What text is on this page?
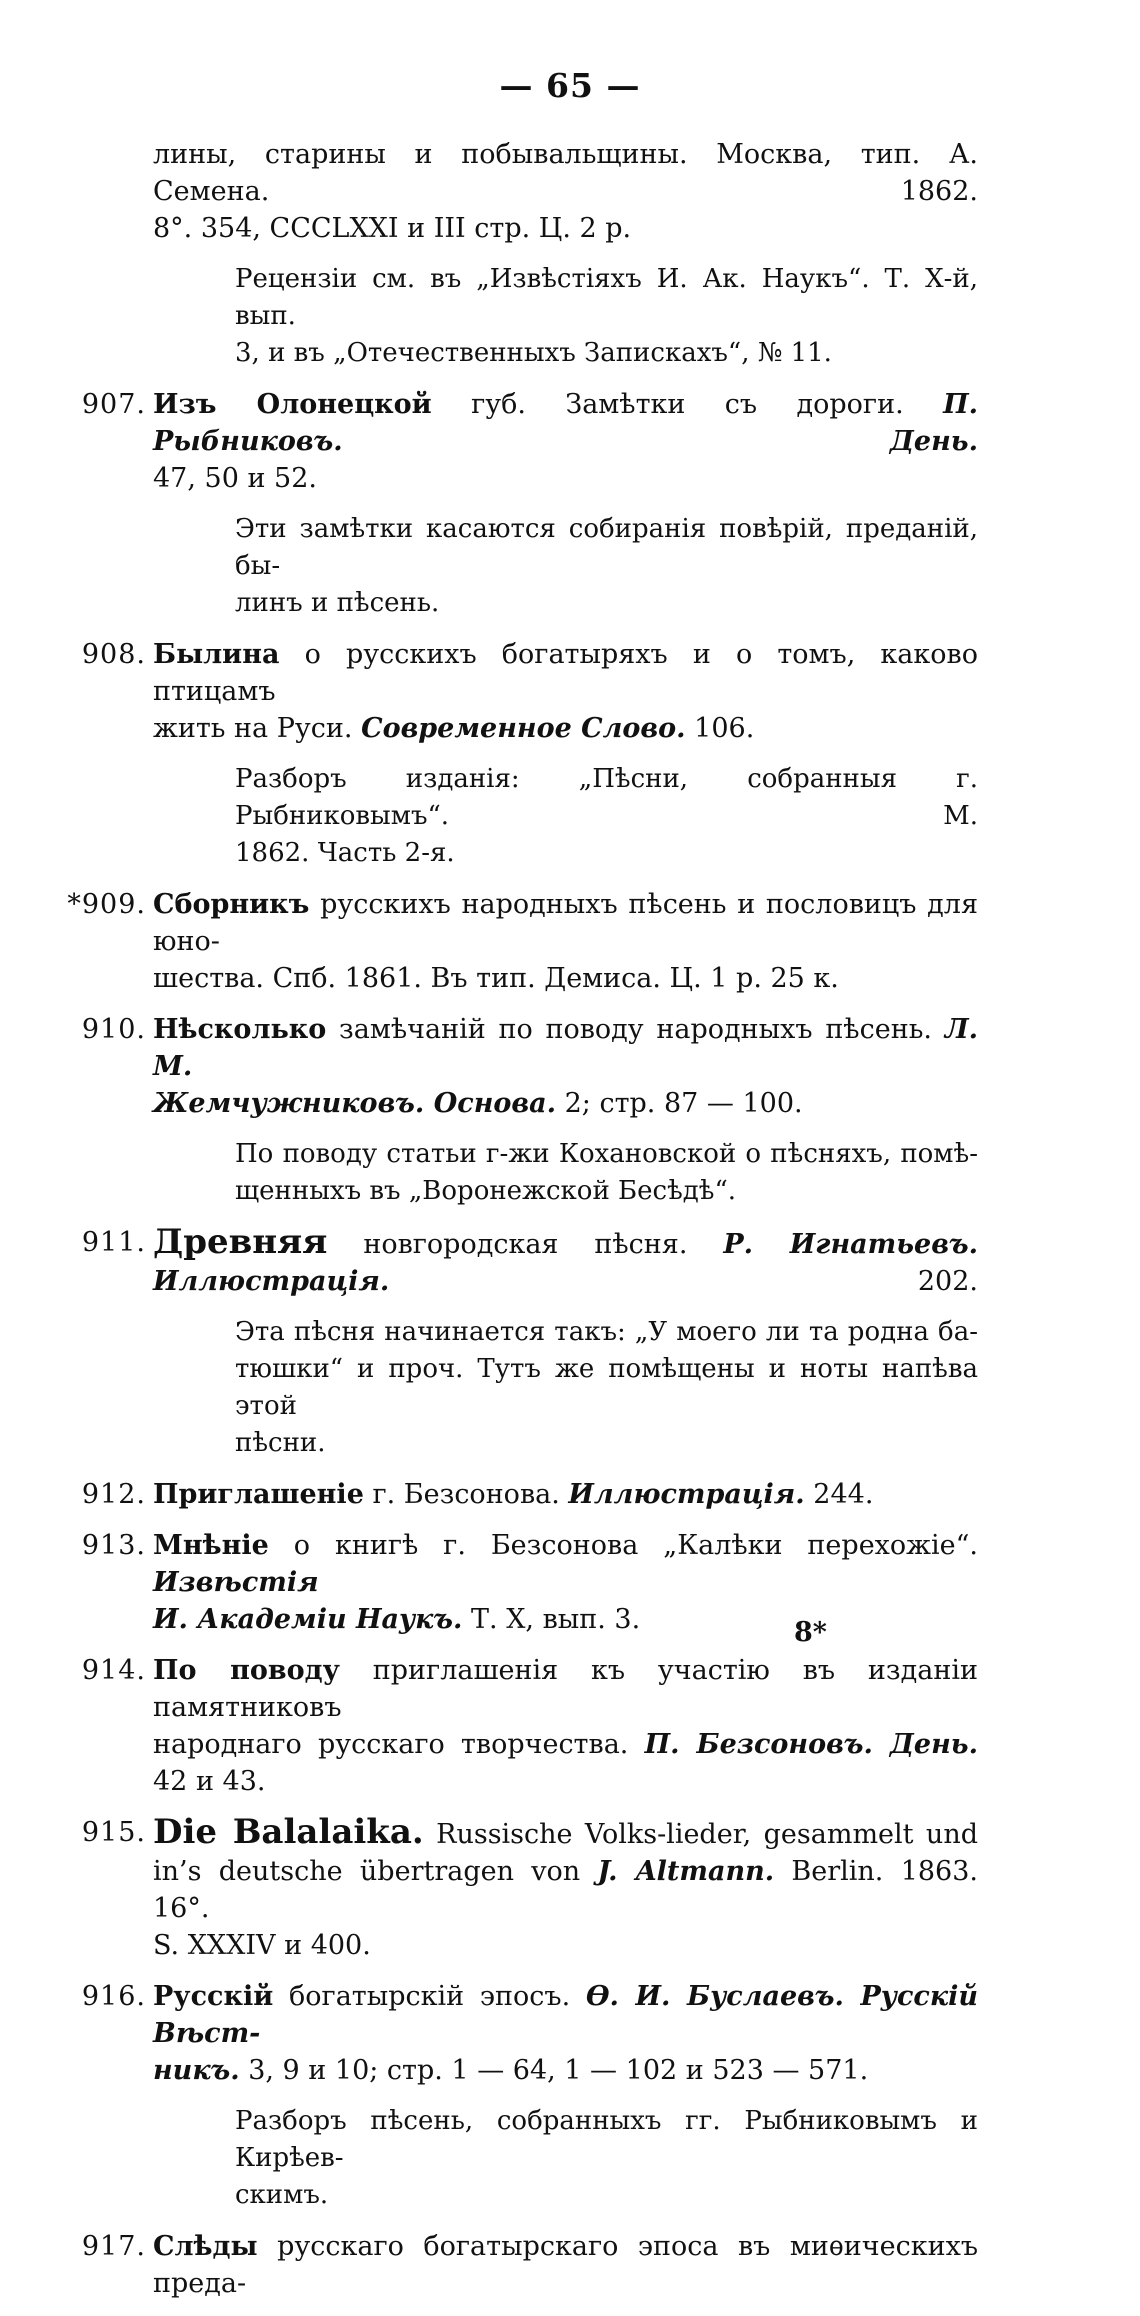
— 65 —
лины, старины и побывальщины. Москва, тип. А. Семена. 1862.
8°. 354, CCCLXXI и III стр. Ц. 2 р.
Рецензіи см. въ „Извѣстіяхъ И. Ак. Наукъ“. Т. Х-й, вып.
3, и въ „Отечественныхъ Запискахъ“, № 11.
907. Изъ Олонецкой губ. Замѣтки съ дороги. П. Рыбниковъ. День.
47, 50 и 52.
Эти замѣтки касаются собиранія повѣрій, преданій, бы-
линъ и пѣсень.
908. Былина о русскихъ богатыряхъ и о томъ, каково птицамъ
жить на Руси. Современное Слово. 106.
Разборъ изданія: „Пѣсни, собранныя г. Рыбниковымъ“. М.
1862. Часть 2-я.
*909. Сборникъ русскихъ народныхъ пѣсень и пословицъ для юно-
шества. Спб. 1861. Въ тип. Демиса. Ц. 1 р. 25 к.
910. Нѣсколько замѣчаній по поводу народныхъ пѣсень. Л. М.
Жемчужниковъ. Основа. 2; стр. 87 — 100.
По поводу статьи г-жи Кохановской о пѣсняхъ, помѣ-
щенныхъ въ „Воронежской Бесѣдѣ“.
911. Древняя новгородская пѣсня. Р. Игнатьевъ. Иллюстрація. 202.
Эта пѣсня начинается такъ: „У моего ли та родна ба-
тюшки“ и проч. Тутъ же помѣщены и ноты напѣва этой
пѣсни.
912. Приглашеніе г. Безсонова. Иллюстрація. 244.
913. Мнѣніе о книгѣ г. Безсонова „Калѣки перехожіе“. Извѣстія
И. Академіи Наукъ. Т. X, вып. 3.
914. По поводу приглашенія къ участію въ изданіи памятниковъ
народнаго русскаго творчества. П. Безсоновъ. День. 42 и 43.
915. Die Balalaika. Russische Volks-lieder, gesammelt und
in’s deutsche übertragen von J. Altmann. Berlin. 1863. 16°.
S. XXXIV и 400.
916. Русскій богатырскій эпосъ. Ѳ. И. Буслаевъ. Русскій Вѣст-
никъ. 3, 9 и 10; стр. 1 — 64, 1 — 102 и 523 — 571.
Разборъ пѣсень, собранныхъ гг. Рыбниковымъ и Кирѣев-
скимъ.
917. Слѣды русскаго богатырскаго эпоса въ миѳическихъ преда-
8*
